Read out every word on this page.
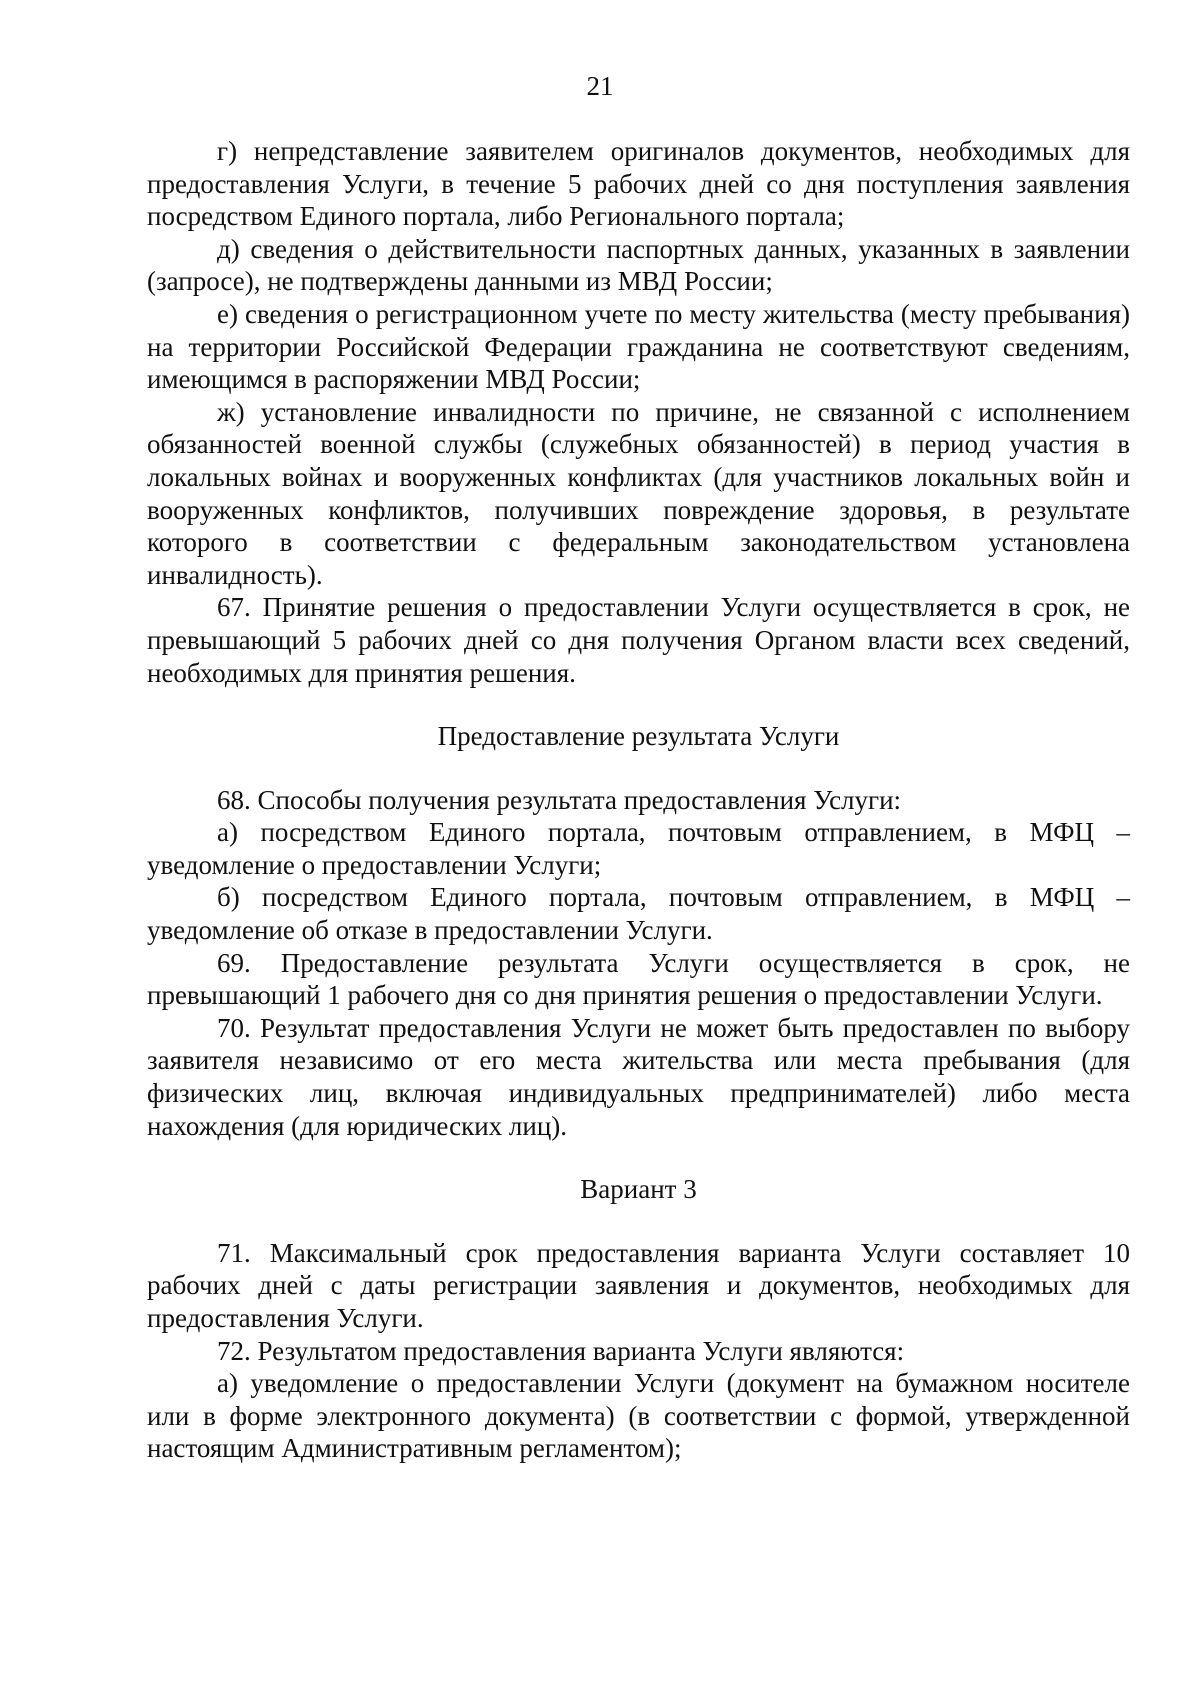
21

г) непредставление заявителем оригиналов документов, необходимых для предоставления Услуги, в течение 5 рабочих дней со дня поступления заявления посредством Единого портала, либо Регионального портала;

д) сведения о действительности паспортных данных, указанных в заявлении (запросе), не подтверждены данными из МВД России;

е) сведения о регистрационном учете по месту жительства (месту пребывания) на территории Российской Федерации гражданина не соответствуют сведениям, имеющимся в распоряжении МВД России;

ж) установление инвалидности по причине, не связанной с исполнением обязанностей военной службы (служебных обязанностей) в период участия в локальных войнах и вооруженных конфликтах (для участников локальных войн и вооруженных конфликтов, получивших повреждение здоровья, в результате которого в соответствии с федеральным законодательством установлена инвалидность).

67. Принятие решения о предоставлении Услуги осуществляется в срок, не превышающий 5 рабочих дней со дня получения Органом власти всех сведений, необходимых для принятия решения.

Предоставление результата Услуги

68. Способы получения результата предоставления Услуги:

а) посредством Единого портала, почтовым отправлением, в МФЦ – уведомление о предоставлении Услуги;

б) посредством Единого портала, почтовым отправлением, в МФЦ – уведомление об отказе в предоставлении Услуги.

69. Предоставление результата Услуги осуществляется в срок, не превышающий 1 рабочего дня со дня принятия решения о предоставлении Услуги.

70. Результат предоставления Услуги не может быть предоставлен по выбору заявителя независимо от его места жительства или места пребывания (для физических лиц, включая индивидуальных предпринимателей) либо места нахождения (для юридических лиц).

Вариант 3

71. Максимальный срок предоставления варианта Услуги составляет 10 рабочих дней с даты регистрации заявления и документов, необходимых для предоставления Услуги.

72. Результатом предоставления варианта Услуги являются:

а) уведомление о предоставлении Услуги (документ на бумажном носителе или в форме электронного документа) (в соответствии с формой, утвержденной настоящим Административным регламентом);
